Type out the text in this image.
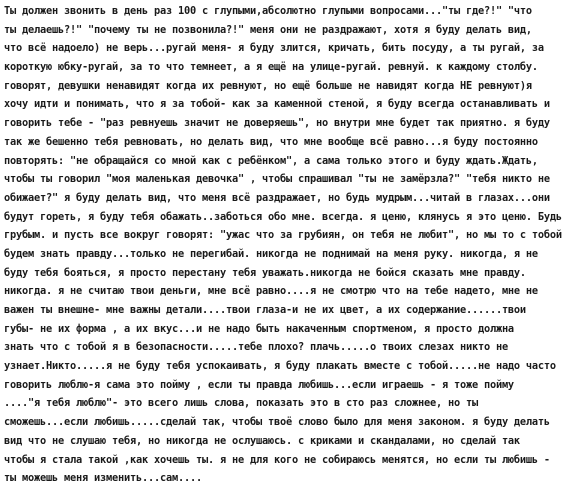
Ты должен звонить в день раз 100 с глупыми,абсолютно глупыми вопросами..."ты где?!" "что
ты делаешь?!" "почему ты не позвонила?!" меня они не раздражают, хотя я буду делать вид,
что всё надоело) не верь...ругай меня- я буду злится, кричать, бить посуду, а ты ругай, за
короткую юбку-ругай, за то что темнеет, а я ещё на улице-ругай. ревнуй. к каждому столбу.
говорят, девушки ненавидят когда их ревнуют, но ещё больше не навидят когда НЕ ревнуют)я
хочу идти и понимать, что я за тобой- как за каменной стеной, я буду всегда останавливать и
говорить тебе - "раз ревнуешь значит не доверяешь", но внутри мне будет так приятно. я буду
так же бешенно тебя ревновать, но делать вид, что мне вообще всё равно...я буду постоянно
повторять: "не обращайся со мной как с ребёнком", а сама только этого и буду ждать.Ждать,
чтобы ты говорил "моя маленькая девочка" , чтобы спрашивал "ты не замёрзла?" "тебя никто не
обижает?" я буду делать вид, что меня всё раздражает, но будь мудрым...читай в глазах...они
будут гореть, я буду тебя обажать..заботься обо мне. всегда. я ценю, клянусь я это ценю. Будь
грубым. и пусть все вокруг говорят: "ужас что за грубиян, он тебя не любит", но мы то с тобой
будем знать правду...только не перегибай. никогда не поднимай на меня руку. никогда, я не
буду тебя бояться, я просто перестану тебя уважать.никогда не бойся сказать мне правду.
никогда. я не считаю твои деньги, мне всё равно....я не смотрю что на тебе надето, мне не
важен ты внешне- мне важны детали....твои глаза-и не их цвет, а их содержание......твои
губы- не их форма , а их вкус...и не надо быть накаченным спортменом, я просто должна
знать что с тобой я в безопасности.....тебе плохо? плачь.....о твоих слезах никто не
узнает.Никто.....я не буду тебя успокаивать, я буду плакать вместе с тобой.....не надо часто
говорить люблю-я сама это пойму , если ты правда любишь...если играешь - я тоже пойму
...."я тебя люблю"- это всего лишь слова, показать это в сто раз сложнее, но ты
сможешь...если любишь.....сделай так, чтобы твоё слово было для меня законом. я буду делать
вид что не слушаю тебя, но никогда не ослушаюсь. с криками и скандалами, но сделай так
чтобы я стала такой ,как хочешь ты. я не для кого не собираюсь менятся, но если ты любишь -
ты можешь меня изменить...сам....
